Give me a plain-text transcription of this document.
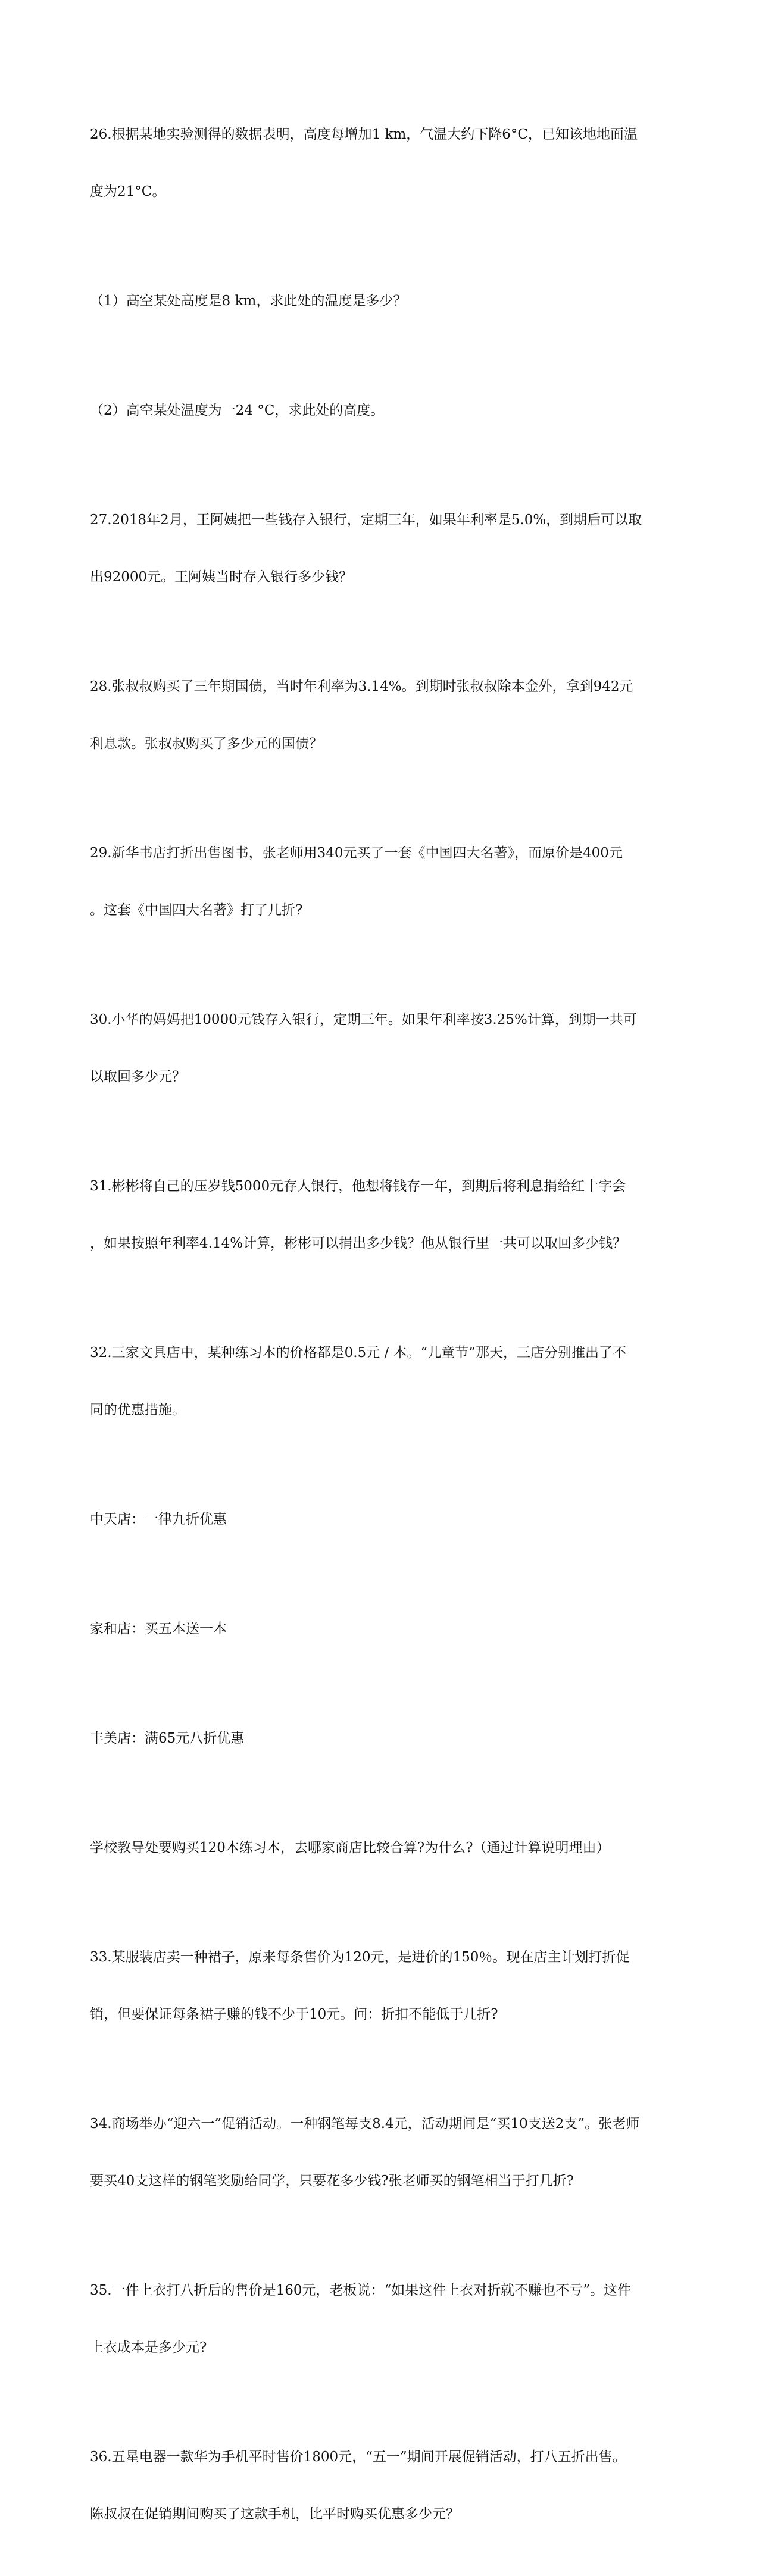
26.根据某地实验测得的数据表明，高度每增加1 km，气温大约下降6°C，已知该地地面温

度为21°C。

（1）高空某处高度是8 km，求此处的温度是多少？

（2）高空某处温度为一24 °C，求此处的高度。

27.2018年2月，王阿姨把一些钱存入银行，定期三年，如果年利率是5.0%，到期后可以取

出92000元。王阿姨当时存入银行多少钱？

28.张叔叔购买了三年期国债，当时年利率为3.14%。到期时张叔叔除本金外，拿到942元

利息款。张叔叔购买了多少元的国债？

29.新华书店打折出售图书，张老师用340元买了一套《中国四大名著》，而原价是400元

。这套《中国四大名著》打了几折?

30.小华的妈妈把10000元钱存入银行，定期三年。如果年利率按3.25%计算，到期一共可

以取回多少元？

31.彬彬将自己的压岁钱5000元存人银行，他想将钱存一年，到期后将利息捐给红十字会

，如果按照年利率4.14%计算，彬彬可以捐出多少钱？他从银行里一共可以取回多少钱？

32.三家文具店中，某种练习本的价格都是0.5元 / 本。“儿童节”那天，三店分别推出了不

同的优惠措施。

中天店：一律九折优惠

家和店：买五本送一本

丰美店：满65元八折优惠

学校教导处要购买120本练习本，去哪家商店比较合算?为什么?（通过计算说明理由）

33.某服装店卖一种裙子，原来每条售价为120元，是进价的150％。现在店主计划打折促

销，但要保证每条裙子赚的钱不少于10元。问：折扣不能低于几折?

34.商场举办“迎六一”促销活动。一种钢笔每支8.4元，活动期间是“买10支送2支”。张老师

要买40支这样的钢笔奖励给同学，只要花多少钱?张老师买的钢笔相当于打几折?

35.一件上衣打八折后的售价是160元，老板说：“如果这件上衣对折就不赚也不亏”。这件

上衣成本是多少元?

36.五星电器一款华为手机平时售价1800元，“五一”期间开展促销活动，打八五折出售。

陈叔叔在促销期间购买了这款手机，比平时购买优惠多少元？
